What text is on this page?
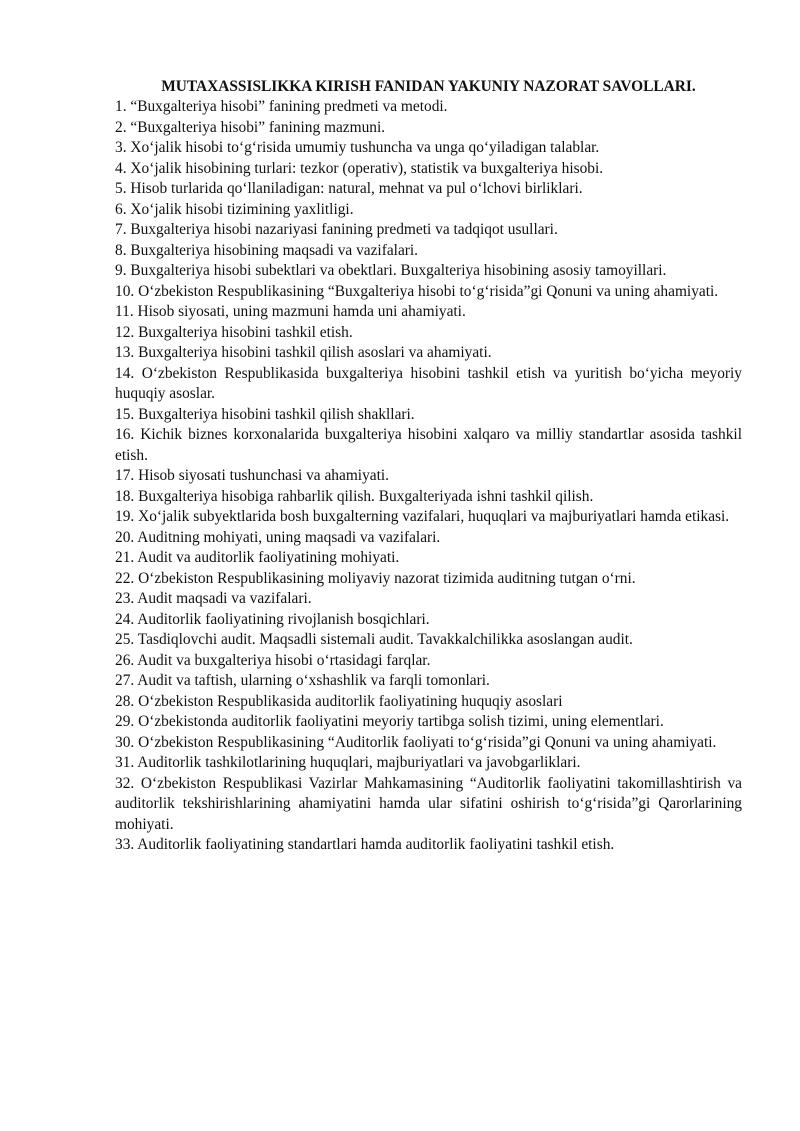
MUTAXASSISLIKKA KIRISH FANIDAN YAKUNIY NAZORAT SAVOLLARI.
1. “Buxgalteriya hisobi” fanining predmeti va metodi.
2. “Buxgalteriya hisobi” fanining mazmuni.
3. Xo‘jalik hisobi to‘g‘risida umumiy tushuncha va unga qo‘yiladigan talablar.
4. Xo‘jalik hisobining turlari: tezkor (operativ), statistik va buxgalteriya hisobi.
5. Hisob turlarida qo‘llaniladigan: natural, mehnat va pul o‘lchovi birliklari.
6. Xo‘jalik hisobi tizimining yaxlitligi.
7. Buxgalteriya hisobi nazariyasi fanining predmeti va tadqiqot usullari.
8. Buxgalteriya hisobining maqsadi va vazifalari.
9. Buxgalteriya hisobi subektlari va obektlari. Buxgalteriya hisobining asosiy tamoyillari.
10. O‘zbekiston Respublikasining “Buxgalteriya hisobi to‘g‘risida”gi Qonuni va uning ahamiyati.
11. Hisob siyosati, uning mazmuni hamda uni ahamiyati.
12. Buxgalteriya hisobini tashkil etish.
13. Buxgalteriya hisobini tashkil qilish asoslari va ahamiyati.
14. O‘zbekiston Respublikasida buxgalteriya hisobini tashkil etish va yuritish bo‘yicha meyoriy huquqiy asoslar.
15. Buxgalteriya hisobini tashkil qilish shakllari.
16. Kichik biznes korxonalarida buxgalteriya hisobini xalqaro va milliy standartlar asosida tashkil etish.
17. Hisob siyosati tushunchasi va ahamiyati.
18. Buxgalteriya hisobiga rahbarlik qilish. Buxgalteriyada ishni tashkil qilish.
19. Xo‘jalik subyektlarida bosh buxgalterning vazifalari, huquqlari va majburiyatlari hamda etikasi.
20. Auditning mohiyati, uning maqsadi va vazifalari.
21. Audit va auditorlik faoliyatining mohiyati.
22. O‘zbekiston Respublikasining moliyaviy nazorat tizimida auditning tutgan o‘rni.
23. Audit maqsadi va vazifalari.
24. Auditorlik faoliyatining rivojlanish bosqichlari.
25. Tasdiqlovchi audit. Maqsadli sistemali audit. Tavakkalchilikka asoslangan audit.
26. Audit va buxgalteriya hisobi o‘rtasidagi farqlar.
27. Audit va taftish, ularning o‘xshashlik va farqli tomonlari.
28. O‘zbekiston Respublikasida auditorlik faoliyatining huquqiy asoslari
29. O‘zbekistonda auditorlik faoliyatini meyoriy tartibga solish tizimi, uning elementlari.
30. O‘zbekiston Respublikasining “Auditorlik faoliyati to‘g‘risida”gi Qonuni va uning ahamiyati.
31. Auditorlik tashkilotlarining huquqlari, majburiyatlari va javobgarliklari.
32. O‘zbekiston Respublikasi Vazirlar Mahkamasining “Auditorlik faoliyatini takomillashtirish va auditorlik tekshirishlarining ahamiyatini hamda ular sifatini oshirish to‘g‘risida”gi Qarorlarining mohiyati.
33. Auditorlik faoliyatining standartlari hamda auditorlik faoliyatini tashkil etish.
